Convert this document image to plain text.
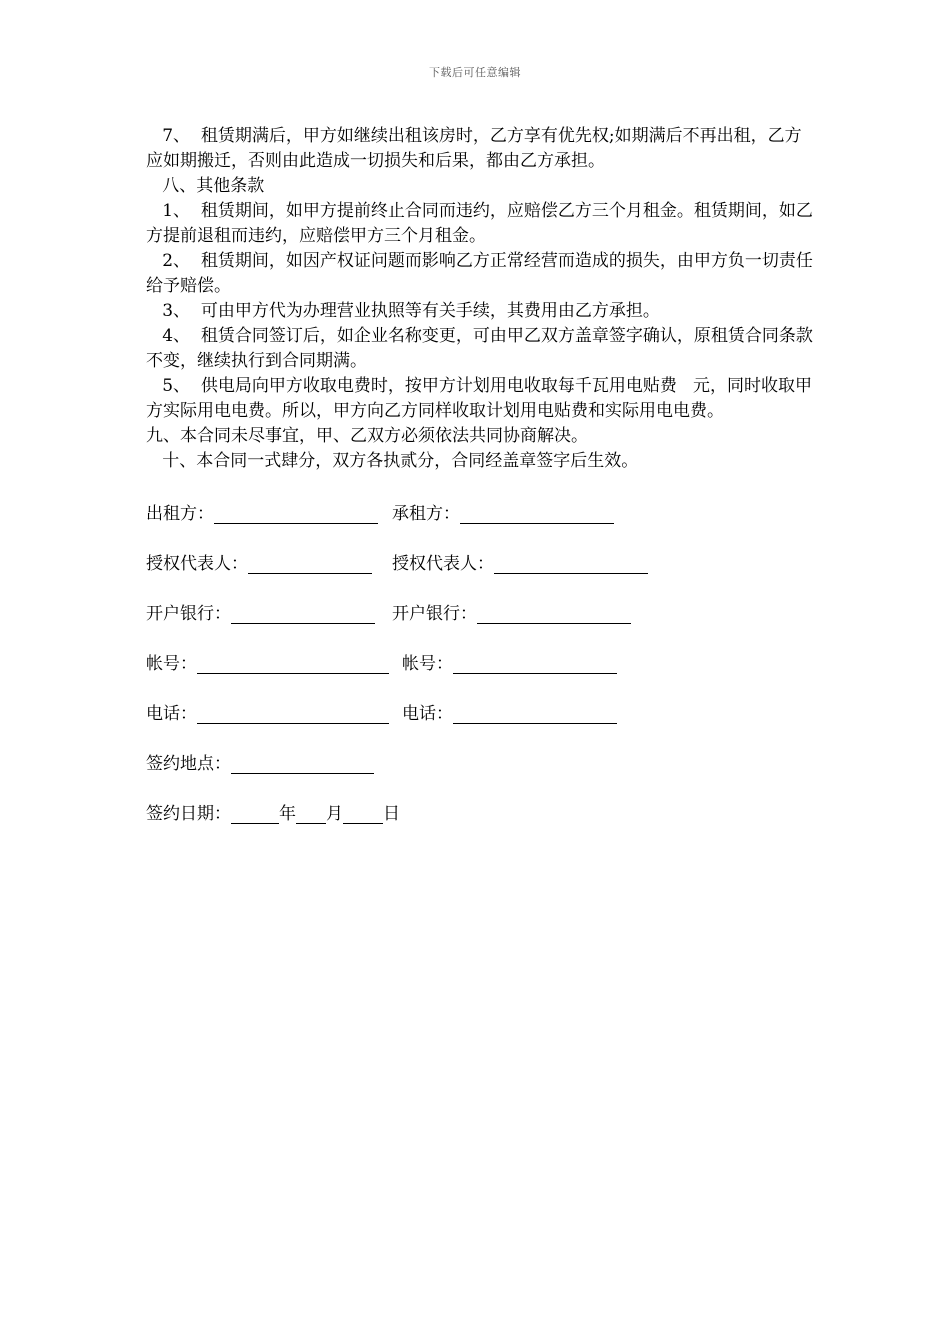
下载后可任意编辑

7、  租赁期满后，甲方如继续出租该房时，乙方享有优先权;如期满后不再出租，乙方应如期搬迁，否则由此造成一切损失和后果，都由乙方承担。

八、其他条款

1、  租赁期间，如甲方提前终止合同而违约，应赔偿乙方三个月租金。租赁期间，如乙方提前退租而违约，应赔偿甲方三个月租金。

2、  租赁期间，如因产权证问题而影响乙方正常经营而造成的损失，由甲方负一切责任给予赔偿。

3、  可由甲方代为办理营业执照等有关手续，其费用由乙方承担。

4、  租赁合同签订后，如企业名称变更，可由甲乙双方盖章签字确认，原租赁合同条款不变，继续执行到合同期满。

5、  供电局向甲方收取电费时，按甲方计划用电收取每千瓦用电贴费   元，同时收取甲方实际用电电费。所以，甲方向乙方同样收取计划用电贴费和实际用电电费。

九、本合同未尽事宜，甲、乙双方必须依法共同协商解决。

十、本合同一式肆分，双方各执贰分，合同经盖章签字后生效。

出租方：	承租方：
授权代表人：	授权代表人：
开户银行：	开户银行：
帐号：	帐号：
电话：	电话：
签约地点：
签约日期：	年 月 日
